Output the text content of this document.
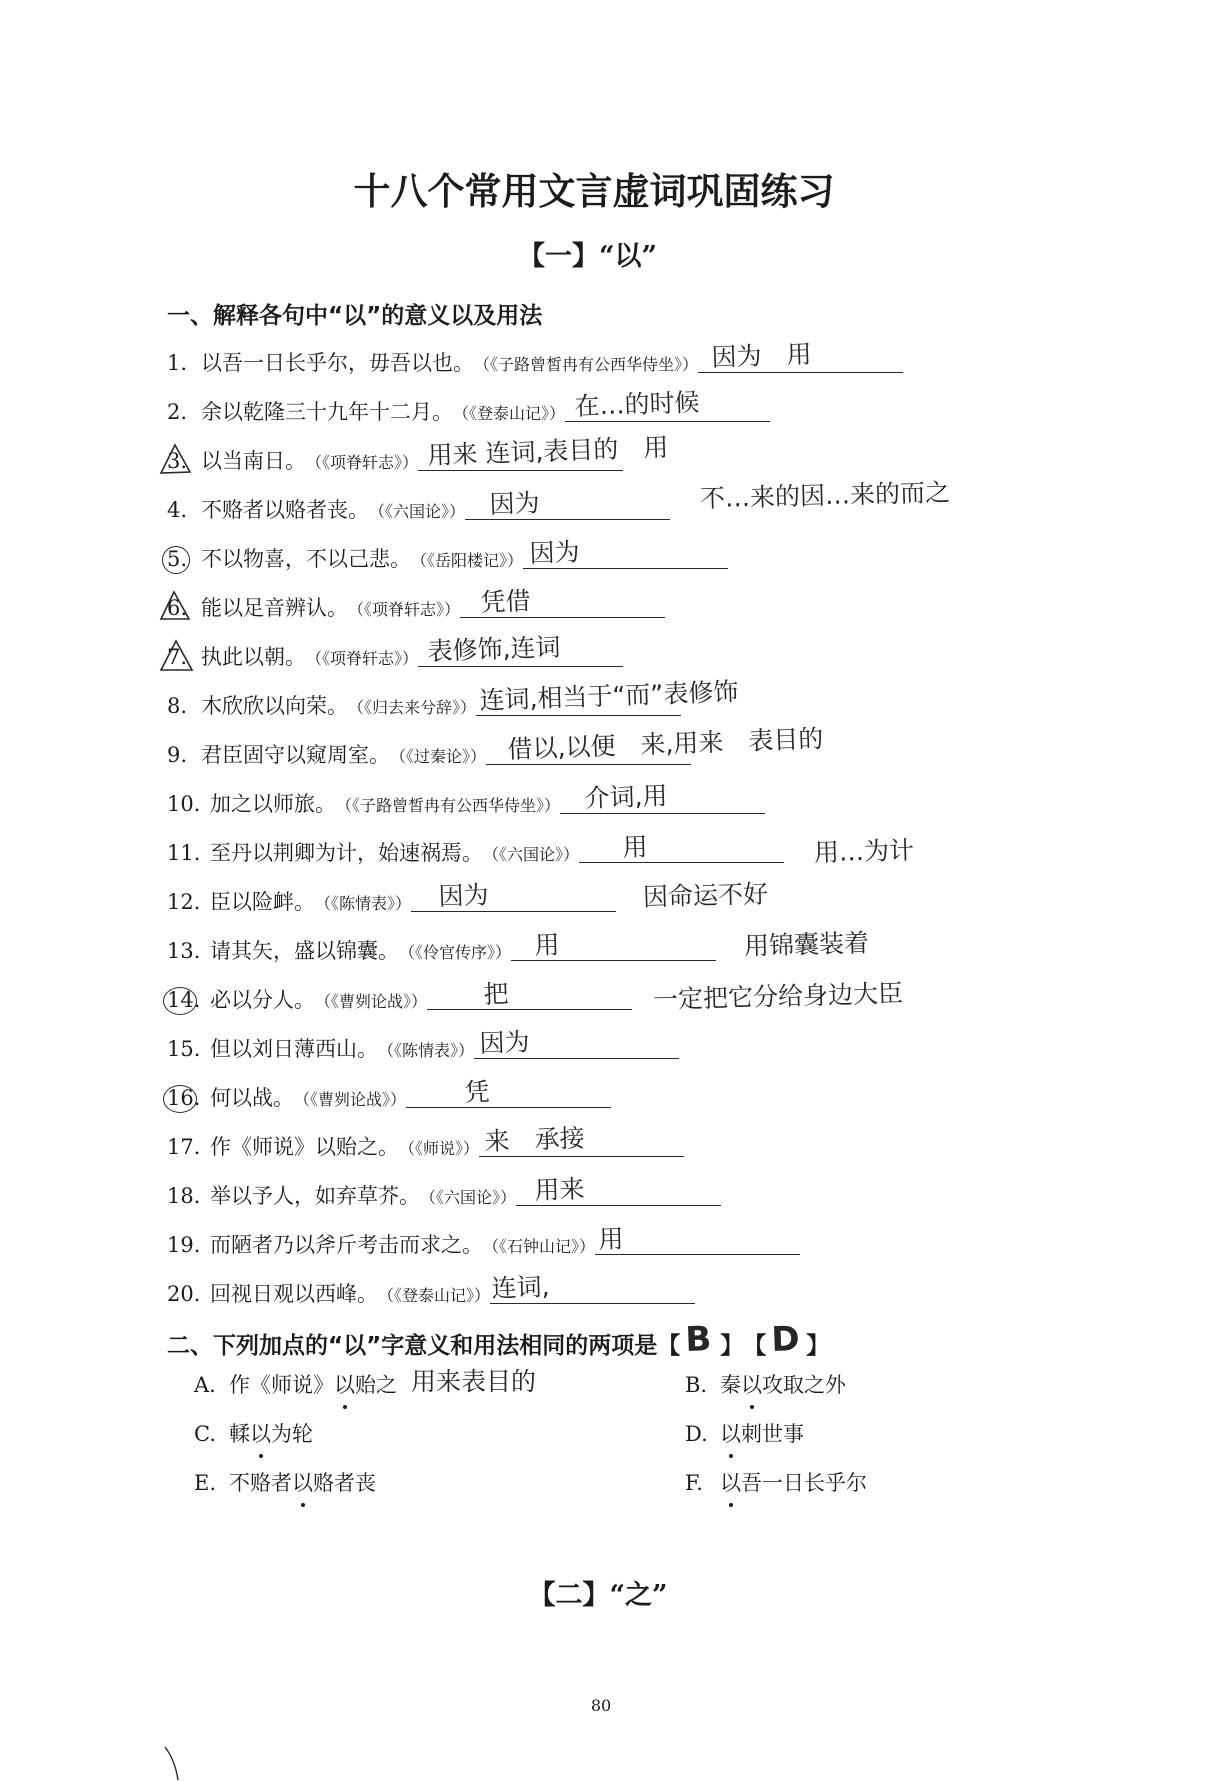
十八个常用文言虚词巩固练习
【一】“以”
一、解释各句中“以”的意义以及用法
1. 以吾一日长乎尔，毋吾以也。 （《子路曾皙冉有公西华侍坐》） 因为　用
2. 余以乾隆三十九年十二月。 （《登泰山记》） 在…的时候
3. 以当南日。 （《项脊轩志》） 用来 连词,表目的　用
4. 不赂者以赂者丧。 （《六国论》） 因为	不…来的因…来的而之
5. 不以物喜，不以己悲。 （《岳阳楼记》） 因为
6. 能以足音辨认。 （《项脊轩志》） 凭借
7. 执此以朝。 （《项脊轩志》） 表修饰,连词
8. 木欣欣以向荣。 （《归去来兮辞》） 连词,相当于“而”表修饰
9. 君臣固守以窥周室。 （《过秦论》） 借以,以便　来,用来　表目的
10. 加之以师旅。 （《子路曾皙冉有公西华侍坐》） 介词,用
11. 至丹以荆卿为计，始速祸焉。 （《六国论》） 用	用…为计
12. 臣以险衅。 （《陈情表》） 因为	因命运不好
13. 请其矢，盛以锦囊。 （《伶官传序》） 用	用锦囊装着
14. 必以分人。 （《曹刿论战》） 把	一定把它分给身边大臣
15. 但以刘日薄西山。 （《陈情表》） 因为
16. 何以战。 （《曹刿论战》） 凭
17. 作《师说》以贻之。 （《师说》） 来　承接
18. 举以予人，如弃草芥。 （《六国论》） 用来
19. 而陋者乃以斧斤考击而求之。 （《石钟山记》） 用
20. 回视日观以西峰。 （《登泰山记》） 连词,
二、下列加点的“以”字意义和用法相同的两项是 【 B 】 【 D 】
A. 作《师说》 以 贻之 用来表目的	B. 秦 以 攻取之外
C. 輮 以 为轮	D. 以 刺世事
E. 不赂者 以 赂者丧	F. 以 吾一日长乎尔
【二】“之”
80
